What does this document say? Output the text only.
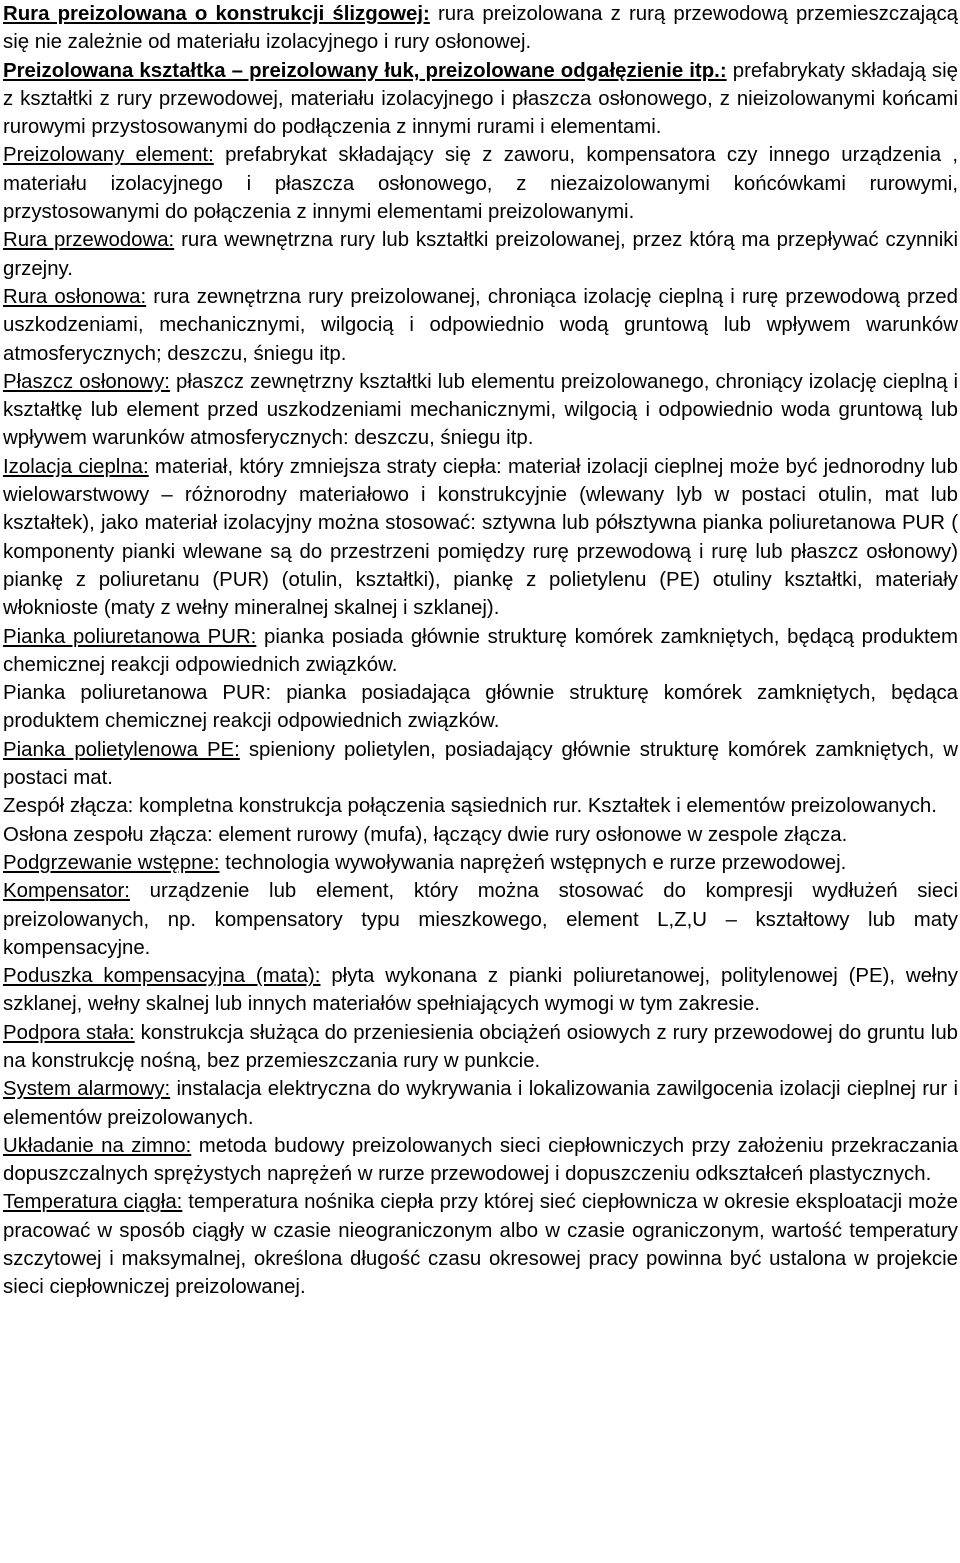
Rura preizolowana o konstrukcji ślizgowej: rura preizolowana z rurą przewodową przemieszczającą się nie zależnie od materiału izolacyjnego i rury osłonowej.

Preizolowana kształtka – preizolowany łuk, preizolowane odgałęzienie itp.: prefabrykaty składają się z kształtki z rury przewodowej, materiału izolacyjnego i płaszcza osłonowego, z nieizolowanymi końcami rurowymi przystosowanymi do podłączenia z innymi rurami i elementami.

Preizolowany element: prefabrykat składający się z zaworu, kompensatora czy innego urządzenia , materiału izolacyjnego i płaszcza osłonowego, z niezaizolowanymi końcówkami rurowymi, przystosowanymi do połączenia z innymi elementami preizolowanymi.

Rura przewodowa: rura wewnętrzna rury lub kształtki preizolowanej, przez którą ma przepływać czynniki grzejny.

Rura osłonowa: rura zewnętrzna rury preizolowanej, chroniąca izolację cieplną i rurę przewodową przed uszkodzeniami, mechanicznymi, wilgocią i odpowiednio wodą gruntową lub wpływem warunków atmosferycznych; deszczu, śniegu itp.

Płaszcz osłonowy: płaszcz zewnętrzny kształtki lub elementu preizolowanego, chroniący izolację cieplną i kształtkę lub element przed uszkodzeniami mechanicznymi, wilgocią i odpowiednio woda gruntową lub wpływem warunków atmosferycznych: deszczu, śniegu itp.

Izolacja cieplna: materiał, który zmniejsza straty ciepła: materiał izolacji cieplnej może być jednorodny lub wielowarstwowy – różnorodny materiałowo i konstrukcyjnie (wlewany lyb w postaci otulin, mat lub kształtek), jako materiał izolacyjny można stosować: sztywna lub półsztywna pianka poliuretanowa PUR ( komponenty pianki wlewane są do przestrzeni pomiędzy rurę przewodową i rurę lub płaszcz osłonowy) piankę z poliuretanu (PUR) (otulin, kształtki), piankę z polietylenu (PE) otuliny kształtki, materiały włoknioste (maty z wełny mineralnej skalnej i szklanej).

Pianka poliuretanowa PUR: pianka posiada głównie strukturę komórek zamkniętych, będącą produktem chemicznej reakcji odpowiednich związków.

Pianka poliuretanowa PUR: pianka posiadająca głównie strukturę komórek zamkniętych, będąca produktem chemicznej reakcji odpowiednich związków.

Pianka polietylenowa PE: spieniony polietylen, posiadający głównie strukturę komórek zamkniętych, w postaci mat.

Zespół złącza: kompletna konstrukcja połączenia sąsiednich rur. Kształtek i elementów preizolowanych.

Osłona zespołu złącza: element rurowy (mufa), łączący dwie rury osłonowe w zespole złącza.

Podgrzewanie wstępne: technologia wywoływania naprężeń wstępnych e rurze przewodowej.

Kompensator: urządzenie lub element, który można stosować do kompresji wydłużeń sieci preizolowanych, np. kompensatory typu mieszkowego, element L,Z,U – kształtowy lub maty kompensacyjne.

Poduszka kompensacyjna (mata): płyta wykonana z pianki poliuretanowej, politylenowej (PE), wełny szklanej, wełny skalnej lub innych materiałów spełniających wymogi w tym zakresie.

Podpora stała: konstrukcja służąca do przeniesienia obciążeń osiowych z rury przewodowej do gruntu lub na konstrukcję nośną, bez przemieszczania rury w punkcie.

System alarmowy: instalacja elektryczna do wykrywania i lokalizowania zawilgocenia izolacji cieplnej rur i elementów preizolowanych.

Układanie na zimno: metoda budowy preizolowanych sieci ciepłowniczych przy założeniu przekraczania dopuszczalnych sprężystych naprężeń w rurze przewodowej i dopuszczeniu odkształceń plastycznych.

Temperatura ciągła: temperatura nośnika ciepła przy której sieć ciepłownicza w okresie eksploatacji może pracować w sposób ciągły w czasie nieograniczonym albo w czasie ograniczonym, wartość temperatury szczytowej i maksymalnej, określona długość czasu okresowej pracy powinna być ustalona w projekcie sieci ciepłowniczej preizolowanej.
